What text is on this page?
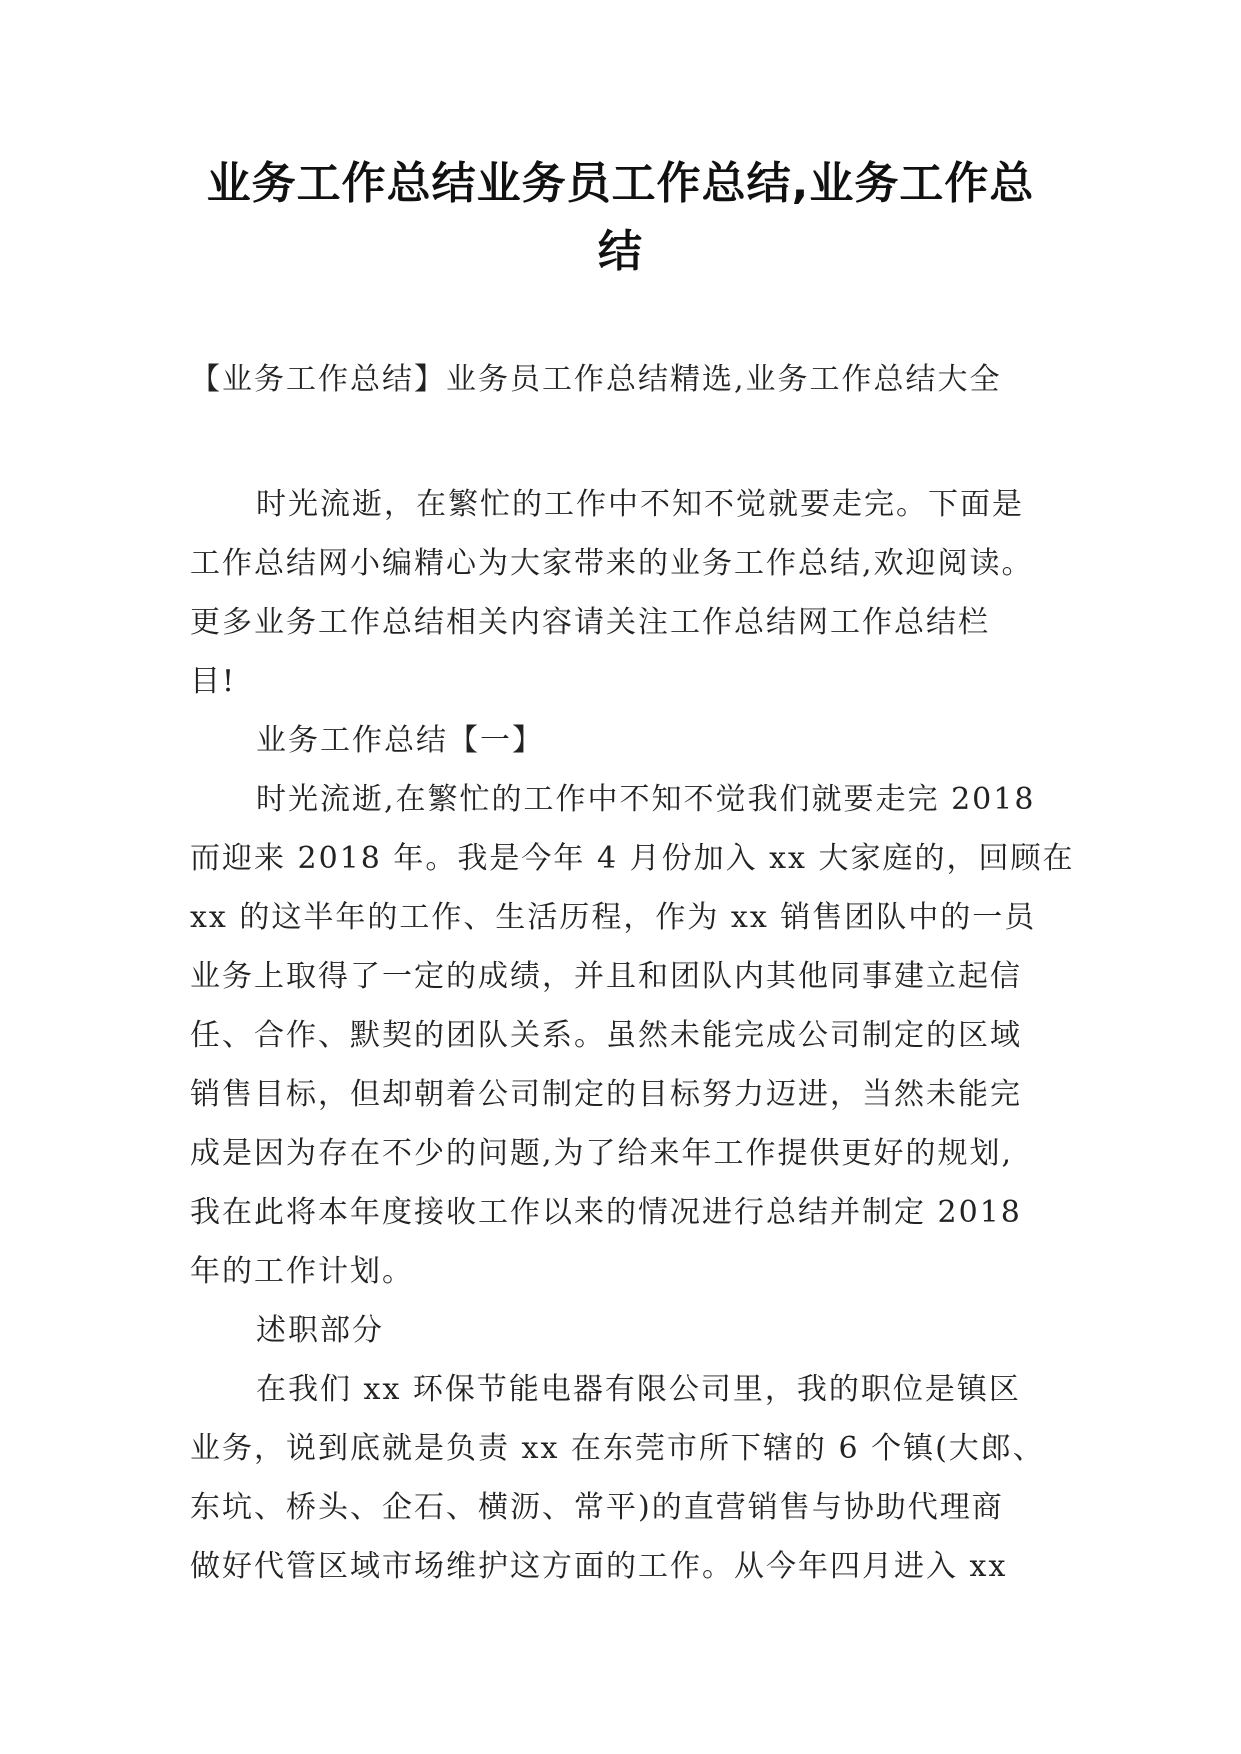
业务工作总结业务员工作总结,业务工作总
结

【业务工作总结】业务员工作总结精选,业务工作总结大全

时光流逝，在繁忙的工作中不知不觉就要走完。下面是
工作总结网小编精心为大家带来的业务工作总结,欢迎阅读。
更多业务工作总结相关内容请关注工作总结网工作总结栏
目!
业务工作总结【一】
时光流逝,在繁忙的工作中不知不觉我们就要走完 2018
而迎来 2018 年。我是今年 4 月份加入 xx 大家庭的，回顾在
xx 的这半年的工作、生活历程，作为 xx 销售团队中的一员
业务上取得了一定的成绩，并且和团队内其他同事建立起信
任、合作、默契的团队关系。虽然未能完成公司制定的区域
销售目标，但却朝着公司制定的目标努力迈进，当然未能完
成是因为存在不少的问题,为了给来年工作提供更好的规划,
我在此将本年度接收工作以来的情况进行总结并制定 2018
年的工作计划。
述职部分
在我们 xx 环保节能电器有限公司里，我的职位是镇区
业务，说到底就是负责 xx 在东莞市所下辖的 6 个镇(大郎、
东坑、桥头、企石、横沥、常平)的直营销售与协助代理商
做好代管区域市场维护这方面的工作。从今年四月进入 xx
